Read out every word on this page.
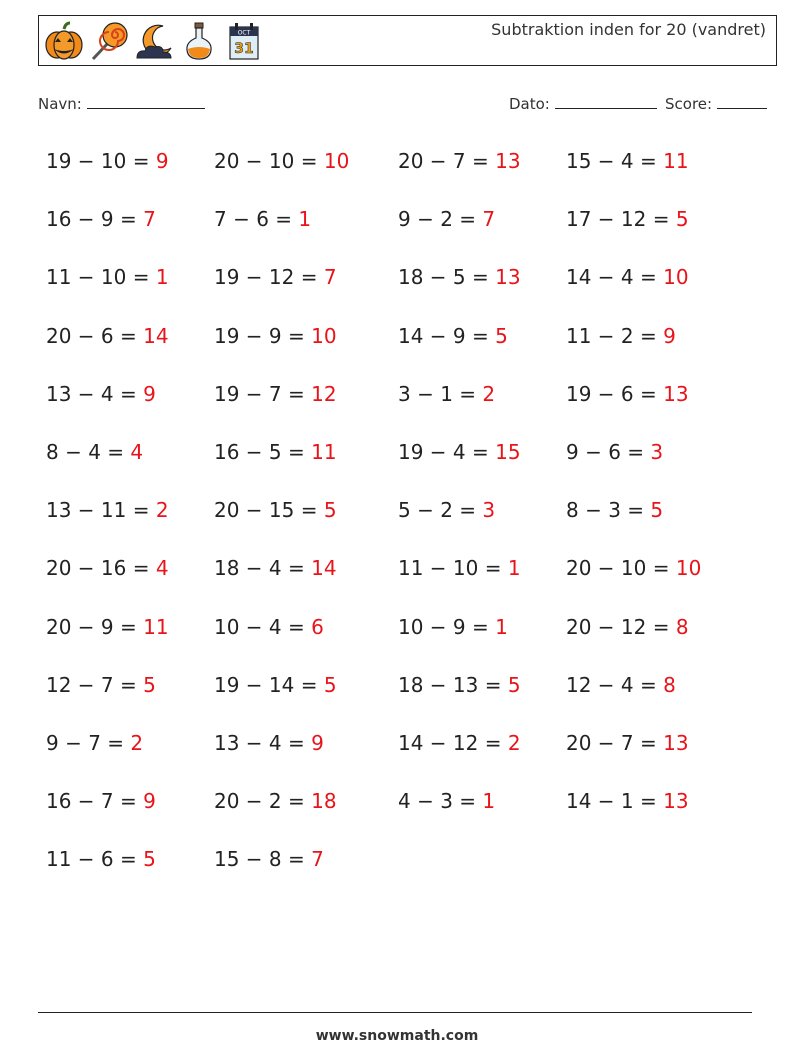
OCT
31
Subtraktion inden for 20 (vandret)
Navn:	Dato:	Score:
19 − 10 = 9	20 − 10 = 10	20 − 7 = 13	15 − 4 = 11
16 − 9 = 7	7 − 6 = 1	9 − 2 = 7	17 − 12 = 5
11 − 10 = 1	19 − 12 = 7	18 − 5 = 13	14 − 4 = 10
20 − 6 = 14	19 − 9 = 10	14 − 9 = 5	11 − 2 = 9
13 − 4 = 9	19 − 7 = 12	3 − 1 = 2	19 − 6 = 13
8 − 4 = 4	16 − 5 = 11	19 − 4 = 15	9 − 6 = 3
13 − 11 = 2	20 − 15 = 5	5 − 2 = 3	8 − 3 = 5
20 − 16 = 4	18 − 4 = 14	11 − 10 = 1	20 − 10 = 10
20 − 9 = 11	10 − 4 = 6	10 − 9 = 1	20 − 12 = 8
12 − 7 = 5	19 − 14 = 5	18 − 13 = 5	12 − 4 = 8
9 − 7 = 2	13 − 4 = 9	14 − 12 = 2	20 − 7 = 13
16 − 7 = 9	20 − 2 = 18	4 − 3 = 1	14 − 1 = 13
11 − 6 = 5	15 − 8 = 7
www.snowmath.com
